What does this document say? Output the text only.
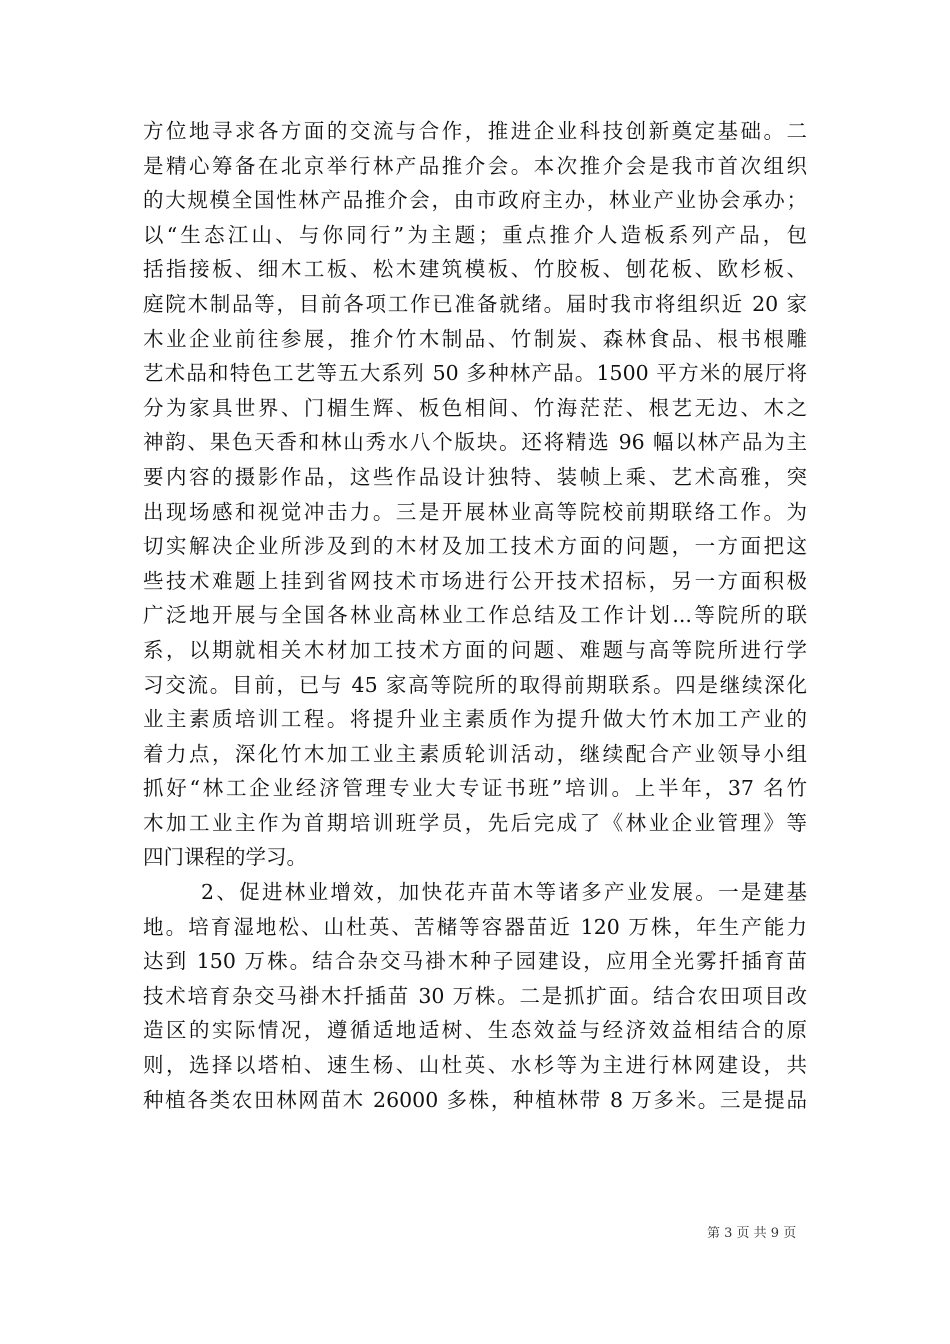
方位地寻求各方面的交流与合作，推进企业科技创新奠定基础。二
是精心筹备在北京举行林产品推介会。本次推介会是我市首次组织
的大规模全国性林产品推介会，由市政府主办，林业产业协会承办；
以“生态江山、与你同行”为主题；重点推介人造板系列产品，包
括指接板、细木工板、松木建筑模板、竹胶板、刨花板、欧杉板、
庭院木制品等，目前各项工作已准备就绪。届时我市将组织近 20 家
木业企业前往参展，推介竹木制品、竹制炭、森林食品、根书根雕
艺术品和特色工艺等五大系列 50 多种林产品。1500 平方米的展厅将
分为家具世界、门楣生辉、板色相间、竹海茫茫、根艺无边、木之
神韵、果色天香和林山秀水八个版块。还将精选 96 幅以林产品为主
要内容的摄影作品，这些作品设计独特、装帧上乘、艺术高雅，突
出现场感和视觉冲击力。三是开展林业高等院校前期联络工作。为
切实解决企业所涉及到的木材及加工技术方面的问题，一方面把这
些技术难题上挂到省网技术市场进行公开技术招标，另一方面积极
广泛地开展与全国各林业高林业工作总结及工作计划...等院所的联
系，以期就相关木材加工技术方面的问题、难题与高等院所进行学
习交流。目前，已与 45 家高等院所的取得前期联系。四是继续深化
业主素质培训工程。将提升业主素质作为提升做大竹木加工产业的
着力点，深化竹木加工业主素质轮训活动，继续配合产业领导小组
抓好“林工企业经济管理专业大专证书班”培训。上半年，37 名竹
木加工业主作为首期培训班学员，先后完成了《林业企业管理》等
四门课程的学习。
2、促进林业增效，加快花卉苗木等诸多产业发展。一是建基
地。培育湿地松、山杜英、苦槠等容器苗近 120 万株，年生产能力
达到 150 万株。结合杂交马褂木种子园建设，应用全光雾扦插育苗
技术培育杂交马褂木扦插苗 30 万株。二是抓扩面。结合农田项目改
造区的实际情况，遵循适地适树、生态效益与经济效益相结合的原
则，选择以塔柏、速生杨、山杜英、水杉等为主进行林网建设，共
种植各类农田林网苗木 26000 多株，种植林带 8 万多米。三是提品
第 3 页 共 9 页
